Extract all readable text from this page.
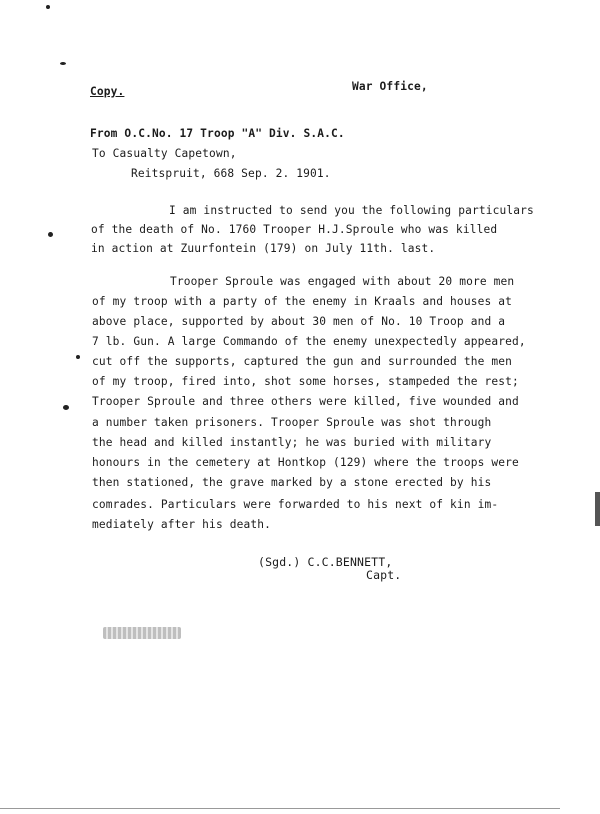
Copy.	War Office,
From O.C.No. 17 Troop "A" Div. S.A.C.
To Casualty Capetown,
Reitspruit, 668 Sep. 2. 1901.
I am instructed to send you the following particulars
of the death of No. 1760 Trooper H.J.Sproule who was killed
in action at Zuurfontein (179) on July 11th. last.
Trooper Sproule was engaged with about 20 more men
of my troop with a party of the enemy in Kraals and houses at
above place, supported by about 30 men of No. 10 Troop and a
7 lb. Gun. A large Commando of the enemy unexpectedly appeared,
cut off the supports, captured the gun and surrounded the men
of my troop, fired into, shot some horses, stampeded the rest;
Trooper Sproule and three others were killed, five wounded and
a number taken prisoners. Trooper Sproule was shot through
the head and killed instantly; he was buried with military
honours in the cemetery at Hontkop (129) where the troops were
then stationed, the grave marked by a stone erected by his
comrades. Particulars were forwarded to his next of kin im-
mediately after his death.
(Sgd.) C.C.BENNETT,
Capt.
